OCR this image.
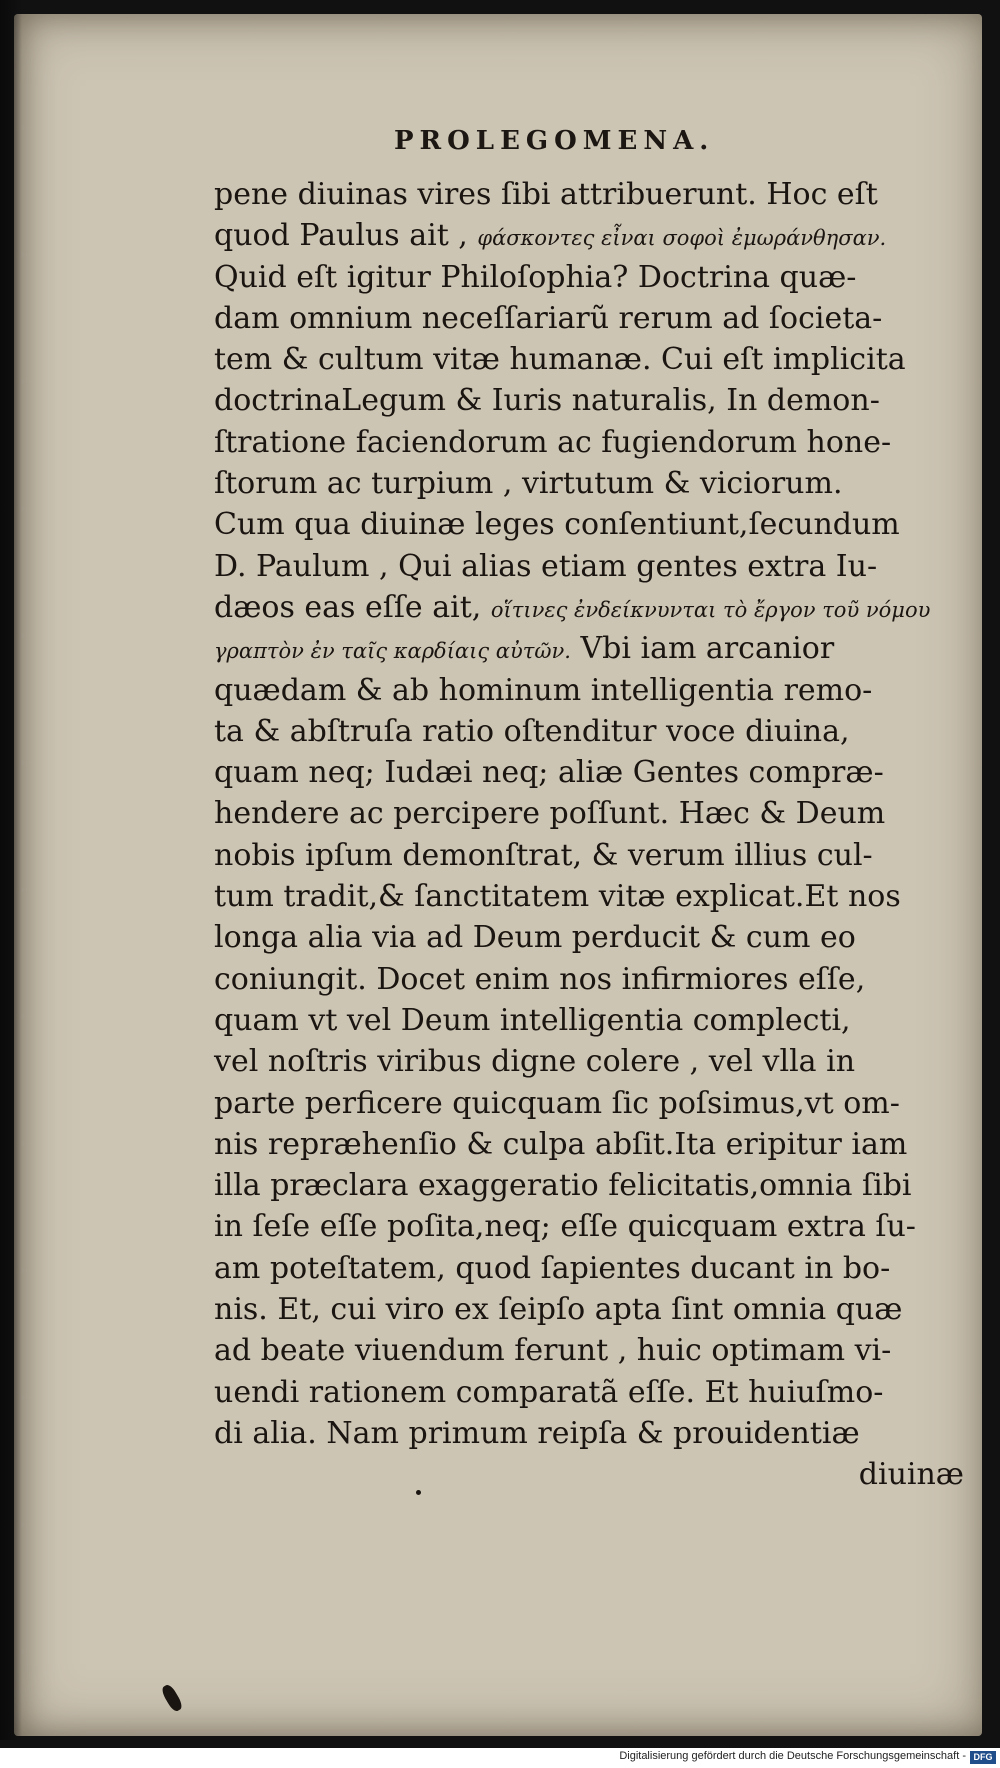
PROLEGOMENA.
pene diuinas vires ſibi attribuerunt. Hoc eſt
quod Paulus ait , φάσκοντες εἶναι σοφοὶ ἐμωράνθησαν.
Quid eſt igitur Philoſophia? Doctrina quæ-
dam omnium neceſſariarũ rerum ad ſocieta-
tem & cultum vitæ humanæ. Cui eſt implicita
doctrinaLegum & Iuris naturalis, In demon-
ſtratione faciendorum ac fugiendorum hone-
ſtorum ac turpium , virtutum & viciorum.
Cum qua diuinæ leges conſentiunt,ſecundum
D. Paulum , Qui alias etiam gentes extra Iu-
dæos eas eſſe ait, οἵτινες ἐνδείκνυνται τὸ ἔργον τοῦ νόμου
γραπτὸν ἐν ταῖς καρδίαις αὐτῶν. Vbi iam arcanior
quædam & ab hominum intelligentia remo-
ta & abſtruſa ratio oſtenditur voce diuina,
quam neq; Iudæi neq; aliæ Gentes compræ-
hendere ac percipere poſſunt. Hæc & Deum
nobis ipſum demonſtrat, & verum illius cul-
tum tradit,& ſanctitatem vitæ explicat.Et nos
longa alia via ad Deum perducit & cum eo
coniungit. Docet enim nos infirmiores eſſe,
quam vt vel Deum intelligentia complecti,
vel noſtris viribus digne colere , vel vlla in
parte perficere quicquam ſic poſsimus,vt om-
nis repræhenſio & culpa abſit.Ita eripitur iam
illa præclara exaggeratio felicitatis,omnia ſibi
in ſeſe eſſe poſita,neq; eſſe quicquam extra ſu-
am poteſtatem, quod ſapientes ducant in bo-
nis. Et, cui viro ex ſeipſo apta ſint omnia quæ
ad beate viuendum ferunt , huic optimam vi-
uendi rationem comparatã eſſe. Et huiuſmo-
di alia. Nam primum reipſa & prouidentiæ
diuinæ
Digitalisierung gefördert durch die Deutsche Forschungsgemeinschaft - DFG
